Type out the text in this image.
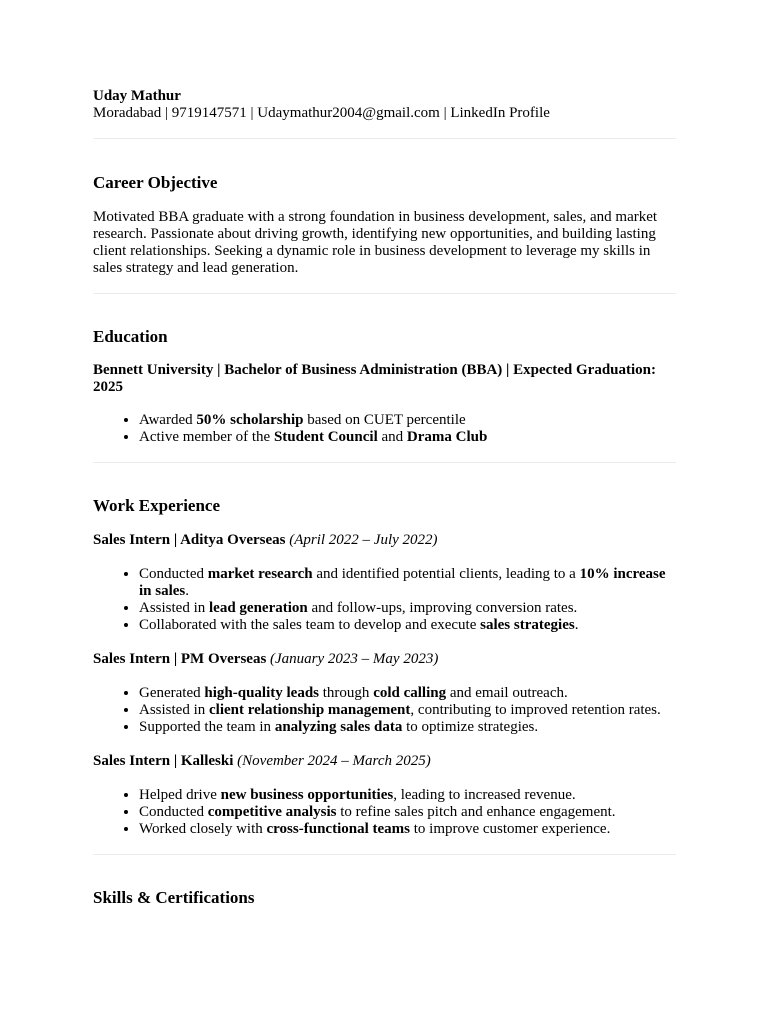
Uday Mathur

Moradabad | 9719147571 | Udaymathur2004@gmail.com | LinkedIn Profile

Career Objective

Motivated BBA graduate with a strong foundation in business development, sales, and market research. Passionate about driving growth, identifying new opportunities, and building lasting client relationships. Seeking a dynamic role in business development to leverage my skills in sales strategy and lead generation.

Education

Bennett University | Bachelor of Business Administration (BBA) | Expected Graduation: 2025

• Awarded 50% scholarship based on CUET percentile
• Active member of the Student Council and Drama Club
Work Experience

Sales Intern | Aditya Overseas (April 2022 – July 2022)

• Conducted market research and identified potential clients, leading to a 10% increase in sales.
• Assisted in lead generation and follow-ups, improving conversion rates.
• Collaborated with the sales team to develop and execute sales strategies.

Sales Intern | PM Overseas (January 2023 – May 2023)

• Generated high-quality leads through cold calling and email outreach.
• Assisted in client relationship management, contributing to improved retention rates.
• Supported the team in analyzing sales data to optimize strategies.

Sales Intern | Kalleski (November 2024 – March 2025)

• Helped drive new business opportunities, leading to increased revenue.
• Conducted competitive analysis to refine sales pitch and enhance engagement.
• Worked closely with cross-functional teams to improve customer experience.
Skills & Certifications
